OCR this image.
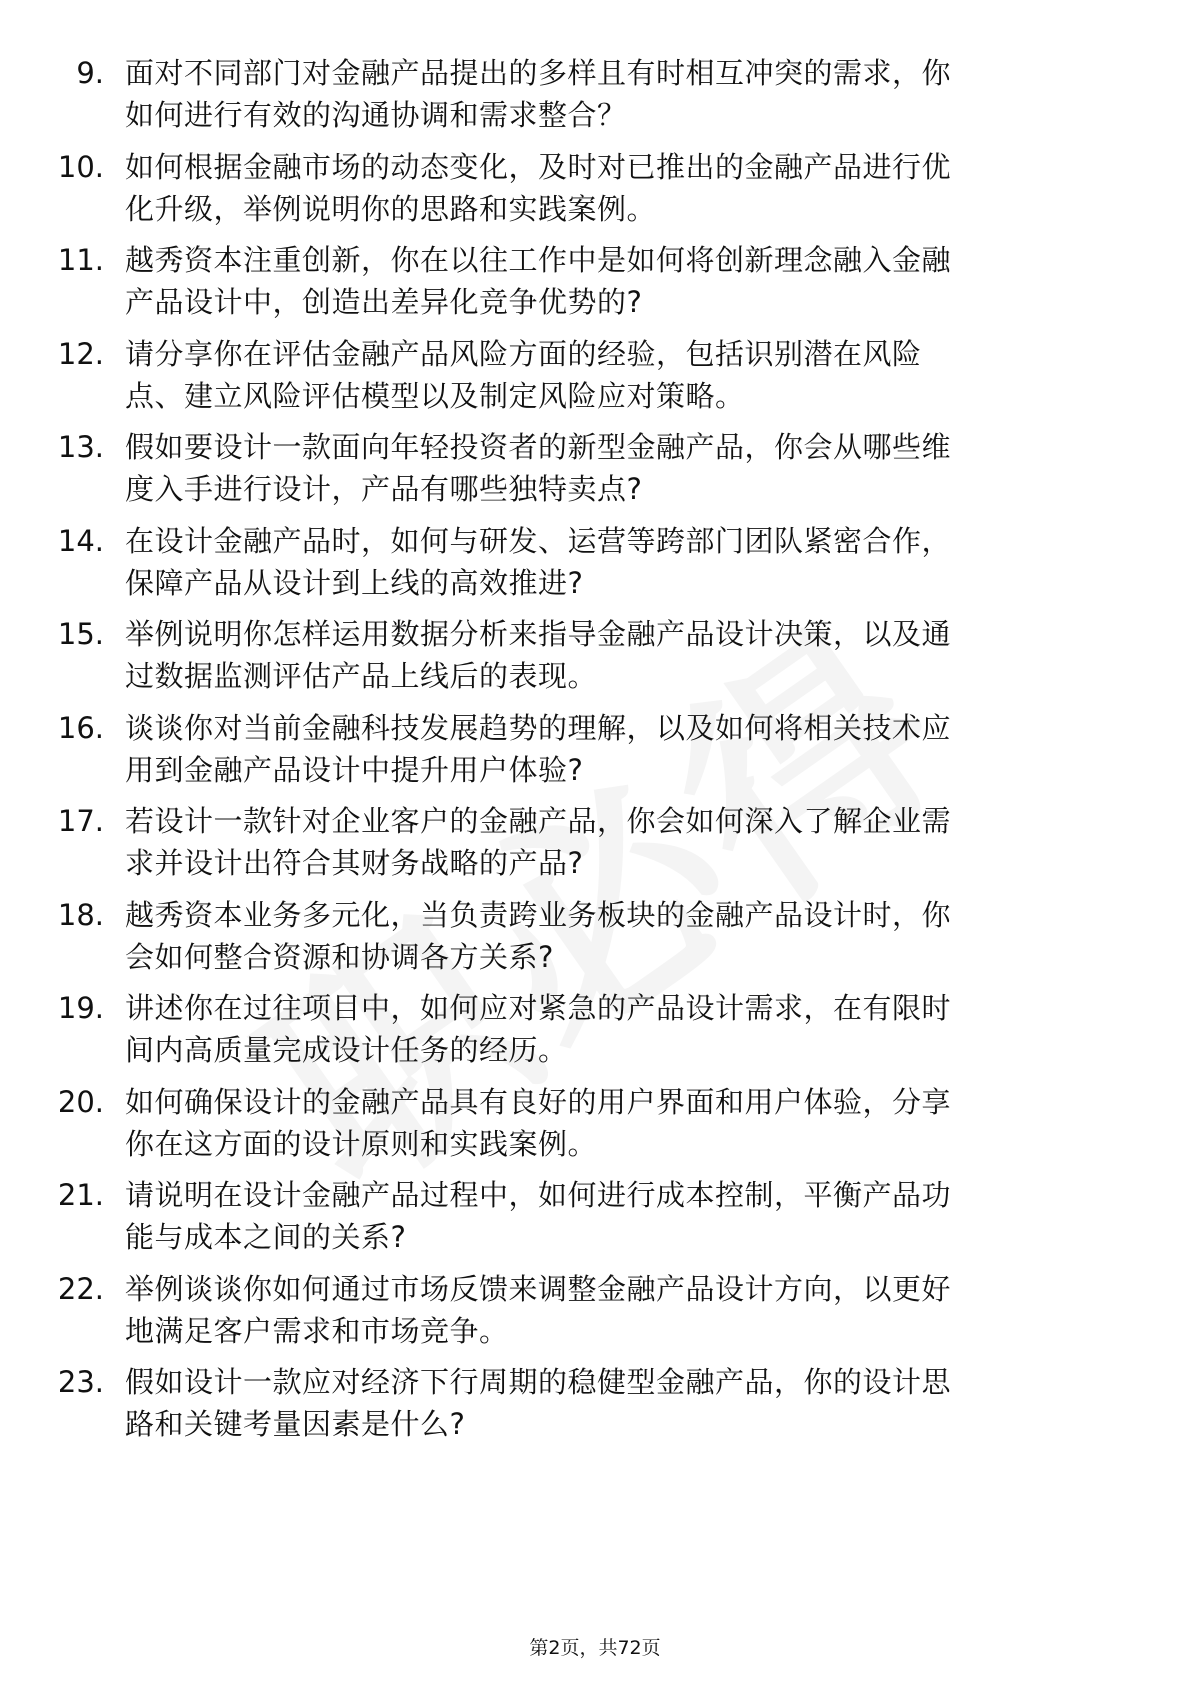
9. 面对不同部门对金融产品提出的多样且有时相互冲突的需求，你
如何进行有效的沟通协调和需求整合？
10. 如何根据金融市场的动态变化，及时对已推出的金融产品进行优
化升级，举例说明你的思路和实践案例。
11. 越秀资本注重创新，你在以往工作中是如何将创新理念融入金融
产品设计中，创造出差异化竞争优势的?
12. 请分享你在评估金融产品风险方面的经验，包括识别潜在风险
点、建立风险评估模型以及制定风险应对策略。
13. 假如要设计一款面向年轻投资者的新型金融产品，你会从哪些维
度入手进行设计，产品有哪些独特卖点?
14. 在设计金融产品时，如何与研发、运营等跨部门团队紧密合作，
保障产品从设计到上线的高效推进?
15. 举例说明你怎样运用数据分析来指导金融产品设计决策，以及通
过数据监测评估产品上线后的表现。
16. 谈谈你对当前金融科技发展趋势的理解，以及如何将相关技术应
用到金融产品设计中提升用户体验?
17. 若设计一款针对企业客户的金融产品，你会如何深入了解企业需
求并设计出符合其财务战略的产品?
18. 越秀资本业务多元化，当负责跨业务板块的金融产品设计时，你
会如何整合资源和协调各方关系?
19. 讲述你在过往项目中，如何应对紧急的产品设计需求，在有限时
间内高质量完成设计任务的经历。
20. 如何确保设计的金融产品具有良好的用户界面和用户体验，分享
你在这方面的设计原则和实践案例。
21. 请说明在设计金融产品过程中，如何进行成本控制，平衡产品功
能与成本之间的关系?
22. 举例谈谈你如何通过市场反馈来调整金融产品设计方向，以更好
地满足客户需求和市场竞争。
23. 假如设计一款应对经济下行周期的稳健型金融产品，你的设计思
路和关键考量因素是什么?
第2页，共72页
